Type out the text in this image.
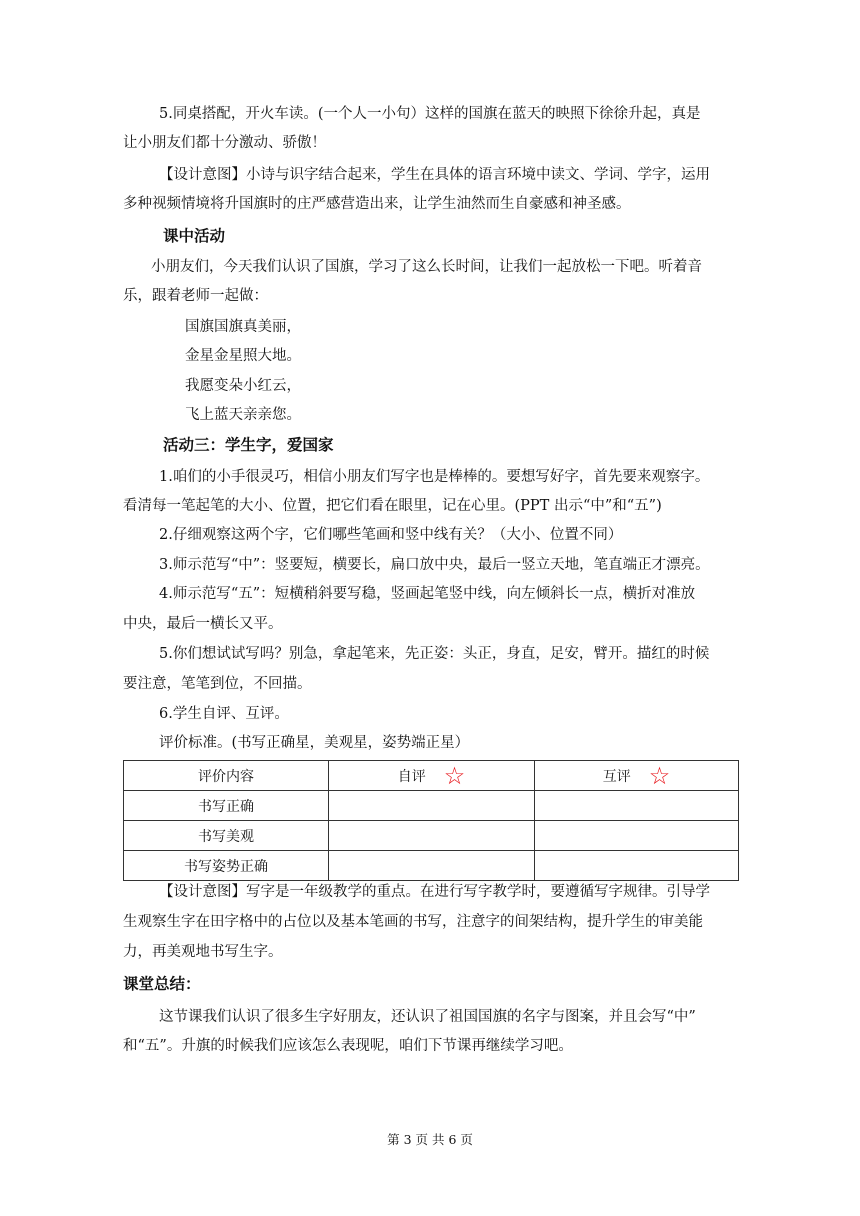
5.同桌搭配，开火车读。(一个人一小句）这样的国旗在蓝天的映照下徐徐升起，真是
让小朋友们都十分激动、骄傲！
【设计意图】小诗与识字结合起来，学生在具体的语言环境中读文、学词、学字，运用
多种视频情境将升国旗时的庄严感营造出来，让学生油然而生自豪感和神圣感。
课中活动
小朋友们，今天我们认识了国旗，学习了这么长时间，让我们一起放松一下吧。听着音
乐，跟着老师一起做：
国旗国旗真美丽，
金星金星照大地。
我愿变朵小红云，
飞上蓝天亲亲您。
活动三：学生字，爱国家
1.咱们的小手很灵巧，相信小朋友们写字也是棒棒的。要想写好字，首先要来观察字。
看清每一笔起笔的大小、位置，把它们看在眼里，记在心里。(PPT 出示“中”和“五”)
2.仔细观察这两个字，它们哪些笔画和竖中线有关？（大小、位置不同）
3.师示范写“中”：竖要短，横要长，扁口放中央，最后一竖立天地，笔直端正才漂亮。
4.师示范写“五”：短横稍斜要写稳，竖画起笔竖中线，向左倾斜长一点，横折对准放
中央，最后一横长又平。
5.你们想试试写吗？别急，拿起笔来，先正姿：头正，身直，足安，臂开。描红的时候
要注意，笔笔到位，不回描。
6.学生自评、互评。
评价标准。(书写正确星，美观星，姿势端正星）
评价内容	自评 ☆	互评 ☆
书写正确		
书写美观		
书写姿势正确		
【设计意图】写字是一年级教学的重点。在进行写字教学时，要遵循写字规律。引导学
生观察生字在田字格中的占位以及基本笔画的书写，注意字的间架结构，提升学生的审美能
力，再美观地书写生字。
课堂总结：
这节课我们认识了很多生字好朋友，还认识了祖国国旗的名字与图案，并且会写“中”
和“五”。升旗的时候我们应该怎么表现呢，咱们下节课再继续学习吧。
第 3 页 共 6 页
